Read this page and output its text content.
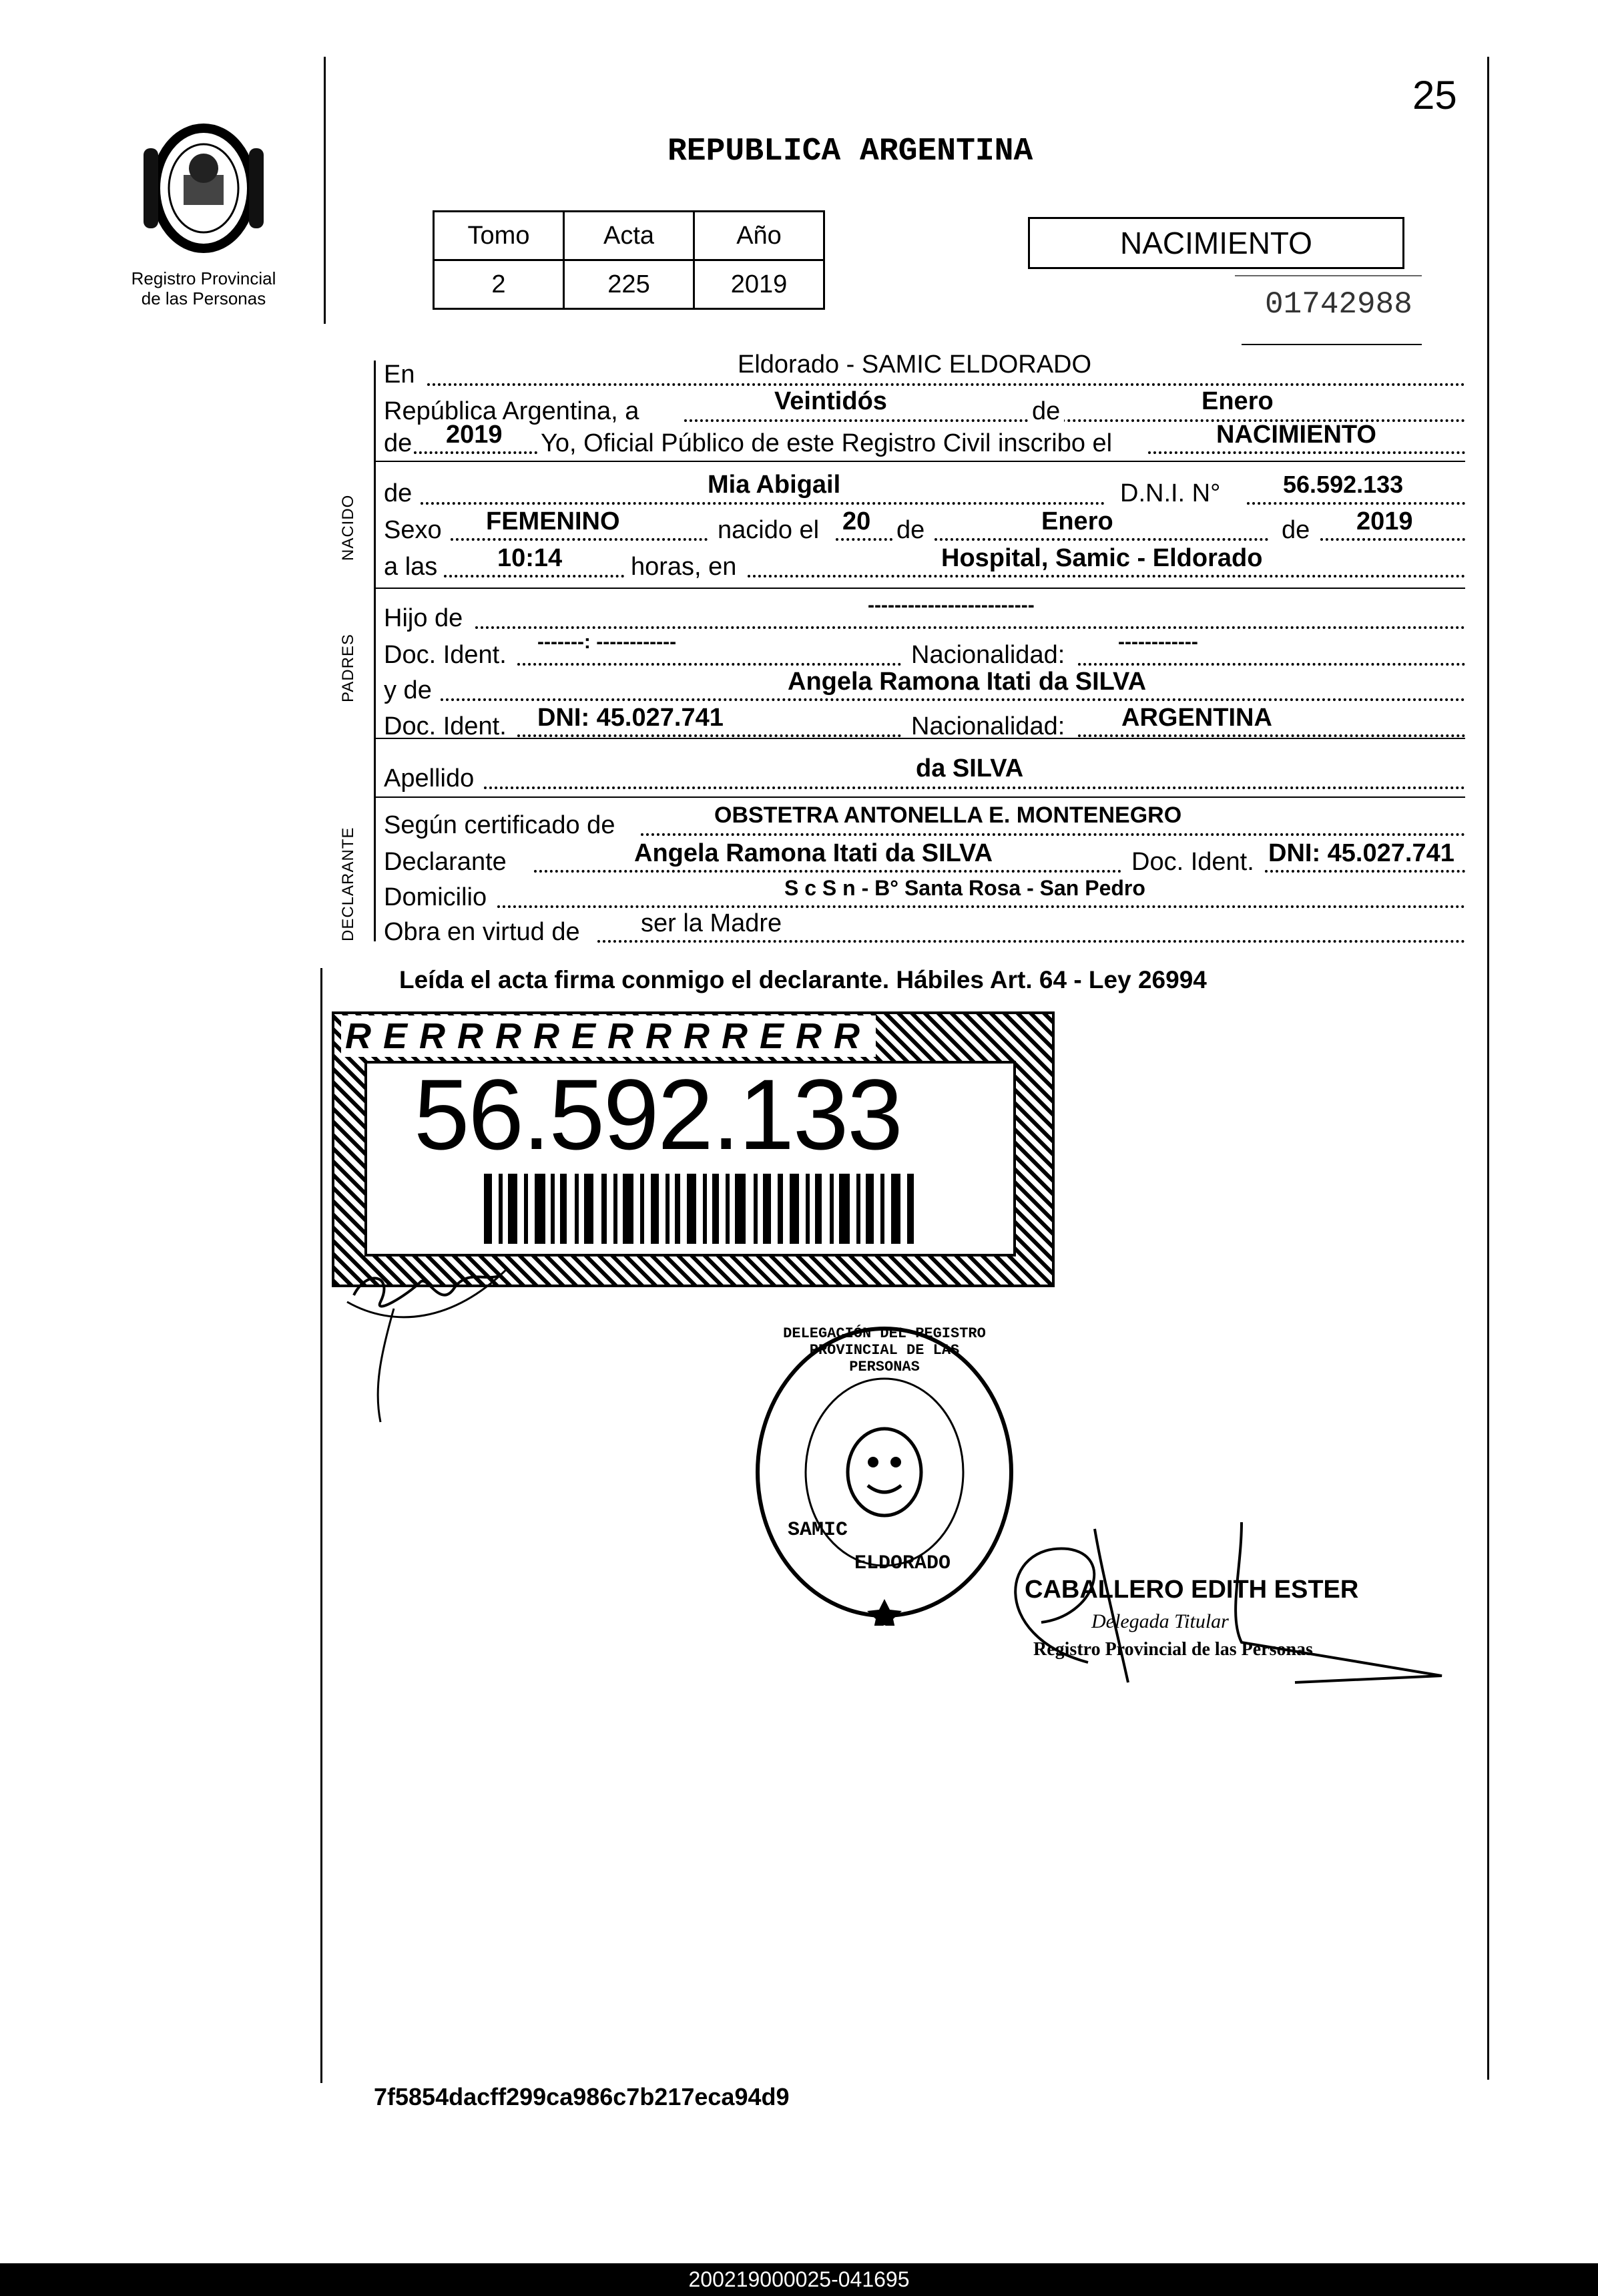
25
Registro Provincial
de las Personas
REPUBLICA ARGENTINA
Tomo	Acta	Año
2	225	2019
NACIMIENTO
01742988
NACIDO
PADRES
DECLARANTE
En	Eldorado - SAMIC ELDORADO
República Argentina, a	Veintidós	de	Enero
de 2019 Yo, Oficial Público de este Registro Civil inscribo el	NACIMIENTO
de	Mia Abigail	D.N.I. N°	56.592.133
Sexo FEMENINO	nacido el 20 de	Enero	de 2019
a las 10:14	horas, en	Hospital, Samic - Eldorado
Hijo de	-------------------------
Doc. Ident. -------: ------------	Nacionalidad:	------------
y de	Angela Ramona Itati da SILVA
Doc. Ident. DNI: 45.027.741	Nacionalidad: ARGENTINA
Apellido	da SILVA
Según certificado de	OBSTETRA ANTONELLA E. MONTENEGRO
Declarante	Angela Ramona Itati da SILVA	Doc. Ident. DNI: 45.027.741
Domicilio	S c S n - B° Santa Rosa - San Pedro
Obra en virtud de ser la Madre
Leída el acta firma conmigo el declarante. Hábiles Art. 64 - Ley 26994
RERRRRERRRRERR
56.592.133
DELEGACIÓN DEL REGISTRO PROVINCIAL DE LAS PERSONAS
SAMIC
ELDORADO
CABALLERO EDITH ESTER
Delegada Titular
Registro Provincial de las Personas
7f5854dacff299ca986c7b217eca94d9
200219000025-041695
